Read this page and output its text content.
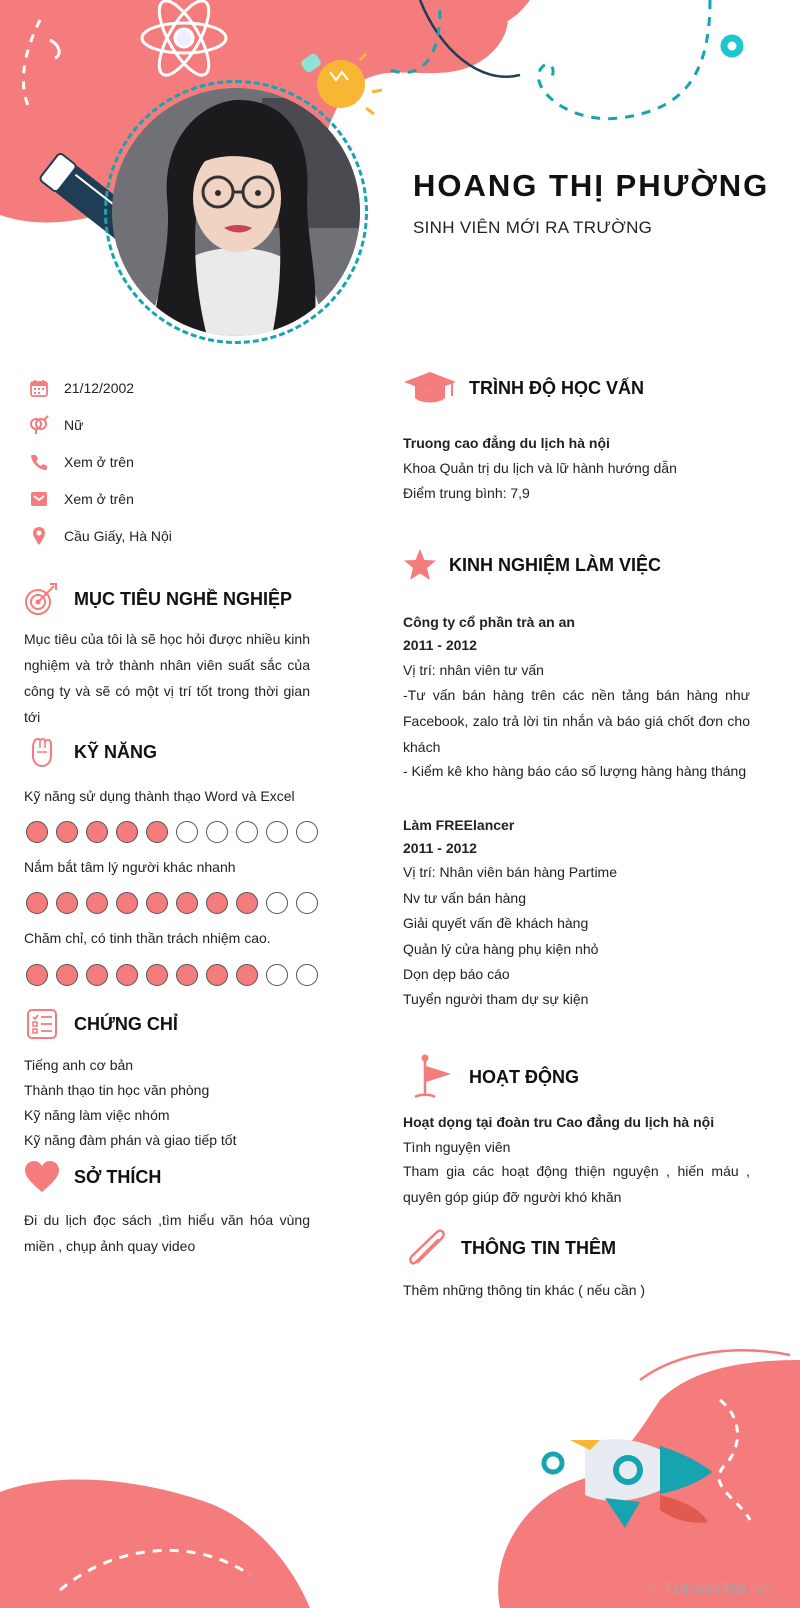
HOANG THỊ PHƯỜNG
SINH VIÊN MỚI RA TRƯỜNG
21/12/2002
Nữ
Xem ở trên
Xem ở trên
Cầu Giấy, Hà Nội
MỤC TIÊU NGHỀ NGHIỆP
Mục tiêu của tôi là sẽ học hỏi được nhiều kinh nghiệm và trở thành nhân viên suất sắc của công ty và sẽ có một vị trí tốt trong thời gian tới
KỸ NĂNG
Kỹ năng sử dụng thành thạo Word và Excel
Nắm bắt tâm lý người khác nhanh
Chăm chỉ, có tinh thần trách nhiệm cao.
CHỨNG CHỈ
Tiếng anh cơ bản
Thành thạo tin học văn phòng
Kỹ năng làm việc nhóm
Kỹ năng đàm phán và giao tiếp tốt
SỞ THÍCH
Đi du lịch đọc sách ,tìm hiểu văn hóa vùng miền , chụp ảnh quay video
TRÌNH ĐỘ HỌC VẤN
Truong cao đẳng du lịch hà nội
Khoa Quản trị du lịch và lữ hành hướng dẫn
Điểm trung bình: 7,9
KINH NGHIỆM LÀM VIỆC
Công ty cổ phần trà an an
2011 - 2012
Vị trí: nhân viên tư vấn
-Tư vấn bán hàng trên các nền tảng bán hàng như Facebook, zalo trả lời tin nhắn và báo giá chốt đơn cho khách
- Kiểm kê kho hàng báo cáo số lượng hàng hàng tháng
Làm FREElancer
2011 - 2012
Vị trí: Nhân viên bán hàng Partime
Nv tư vấn bán hàng
Giải quyết vấn đề khách hàng
Quản lý cửa hàng phụ kiện nhỏ
Dọn dẹp báo cáo
Tuyển người tham dự sự kiện
HOẠT ĐỘNG
Hoạt dọng tại đoàn tru Cao đẳng du lịch hà nội
Tình nguyện viên
Tham gia các hoạt động thiện nguyện , hiến máu , quyên góp giúp đỡ người khó khăn
THÔNG TIN THÊM
Thêm những thông tin khác ( nếu cần )
∴ Timviec365.vn
